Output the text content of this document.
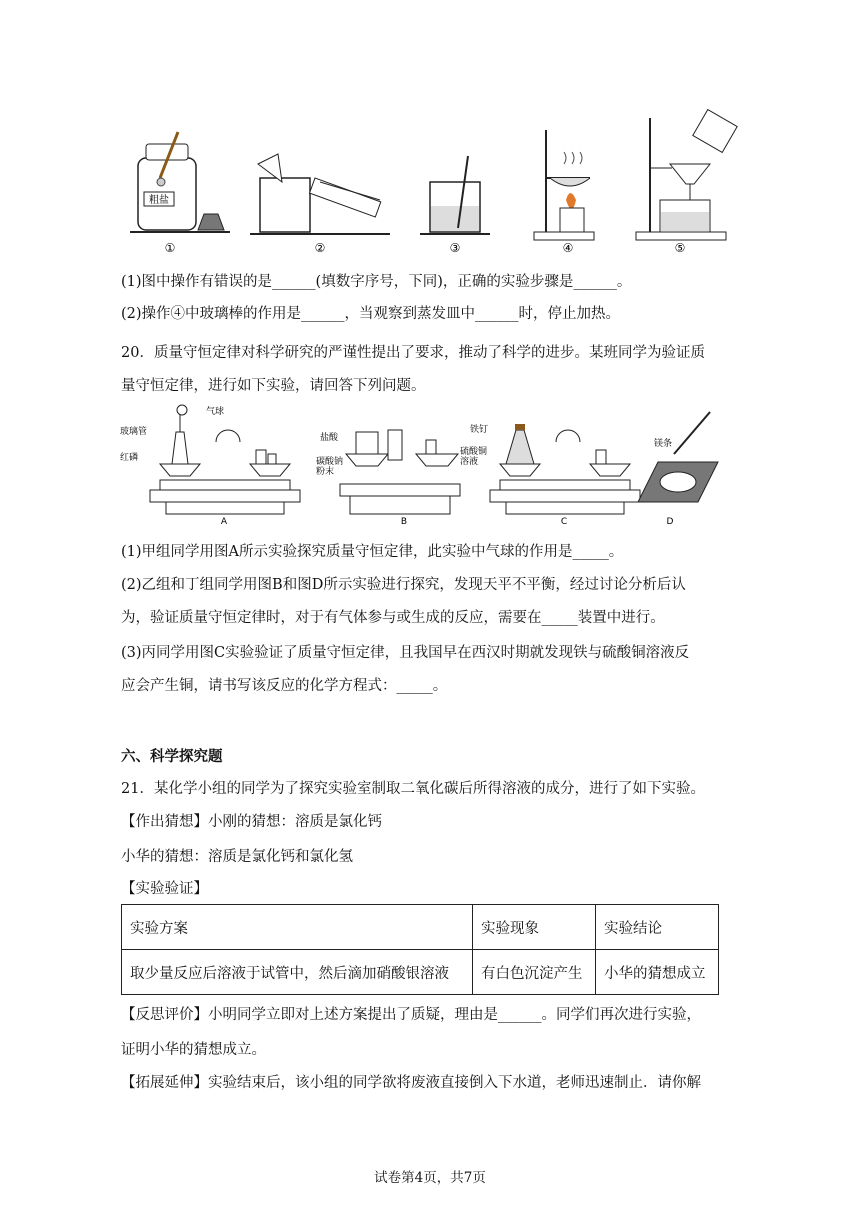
粗盐
①	②	③	④	⑤
(1)图中操作有错误的是______(填数字序号，下同)，正确的实验步骤是______。
(2)操作④中玻璃棒的作用是______，当观察到蒸发皿中______时，停止加热。
20．质量守恒定律对科学研究的严谨性提出了要求，推动了科学的进步。某班同学为验证质
量守恒定律，进行如下实验，请回答下列问题。
气球
玻璃管
红磷
A
盐酸
碳酸钠
粉末
B
铁钉
硫酸铜
溶液
C
镁条
D
(1)甲组同学用图A所示实验探究质量守恒定律，此实验中气球的作用是_____。
(2)乙组和丁组同学用图B和图D所示实验进行探究，发现天平不平衡，经过讨论分析后认
为，验证质量守恒定律时，对于有气体参与或生成的反应，需要在_____装置中进行。
(3)丙同学用图C实验验证了质量守恒定律，且我国早在西汉时期就发现铁与硫酸铜溶液反
应会产生铜，请书写该反应的化学方程式：_____。
六、科学探究题
21．某化学小组的同学为了探究实验室制取二氧化碳后所得溶液的成分，进行了如下实验。
【作出猜想】小刚的猜想：溶质是氯化钙
小华的猜想：溶质是氯化钙和氯化氢
【实验验证】
实验方案	实验现象	实验结论
取少量反应后溶液于试管中，然后滴加硝酸银溶液	有白色沉淀产生	小华的猜想成立
【反思评价】小明同学立即对上述方案提出了质疑，理由是______。同学们再次进行实验，
证明小华的猜想成立。
【拓展延伸】实验结束后，该小组的同学欲将废液直接倒入下水道，老师迅速制止．请你解
试卷第4页，共7页
